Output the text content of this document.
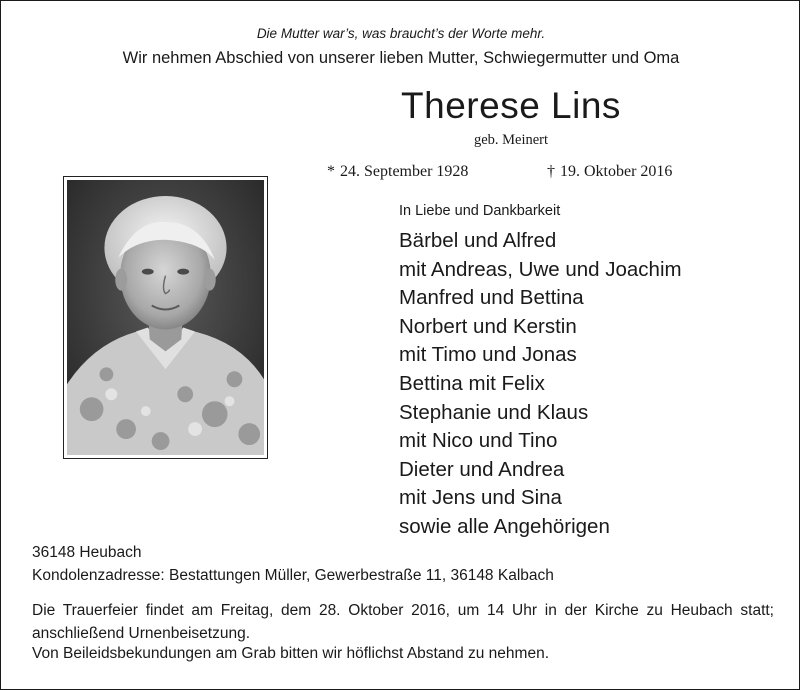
Die Mutter war’s, was braucht’s der Worte mehr.
Wir nehmen Abschied von unserer lieben Mutter, Schwiegermutter und Oma
Therese Lins
geb. Meinert
* 24. September 1928	† 19. Oktober 2016
In Liebe und Dankbarkeit
Bärbel und Alfred
mit Andreas, Uwe und Joachim
Manfred und Bettina
Norbert und Kerstin
mit Timo und Jonas
Bettina mit Felix
Stephanie und Klaus
mit Nico und Tino
Dieter und Andrea
mit Jens und Sina
sowie alle Angehörigen
36148 Heubach
Kondolenzadresse: Bestattungen Müller, Gewerbestraße 11, 36148 Kalbach
Die Trauerfeier findet am Freitag, dem 28. Oktober 2016, um 14 Uhr in der Kirche zu Heubach statt; anschließend Urnenbeisetzung.
Von Beileidsbekundungen am Grab bitten wir höflichst Abstand zu nehmen.
